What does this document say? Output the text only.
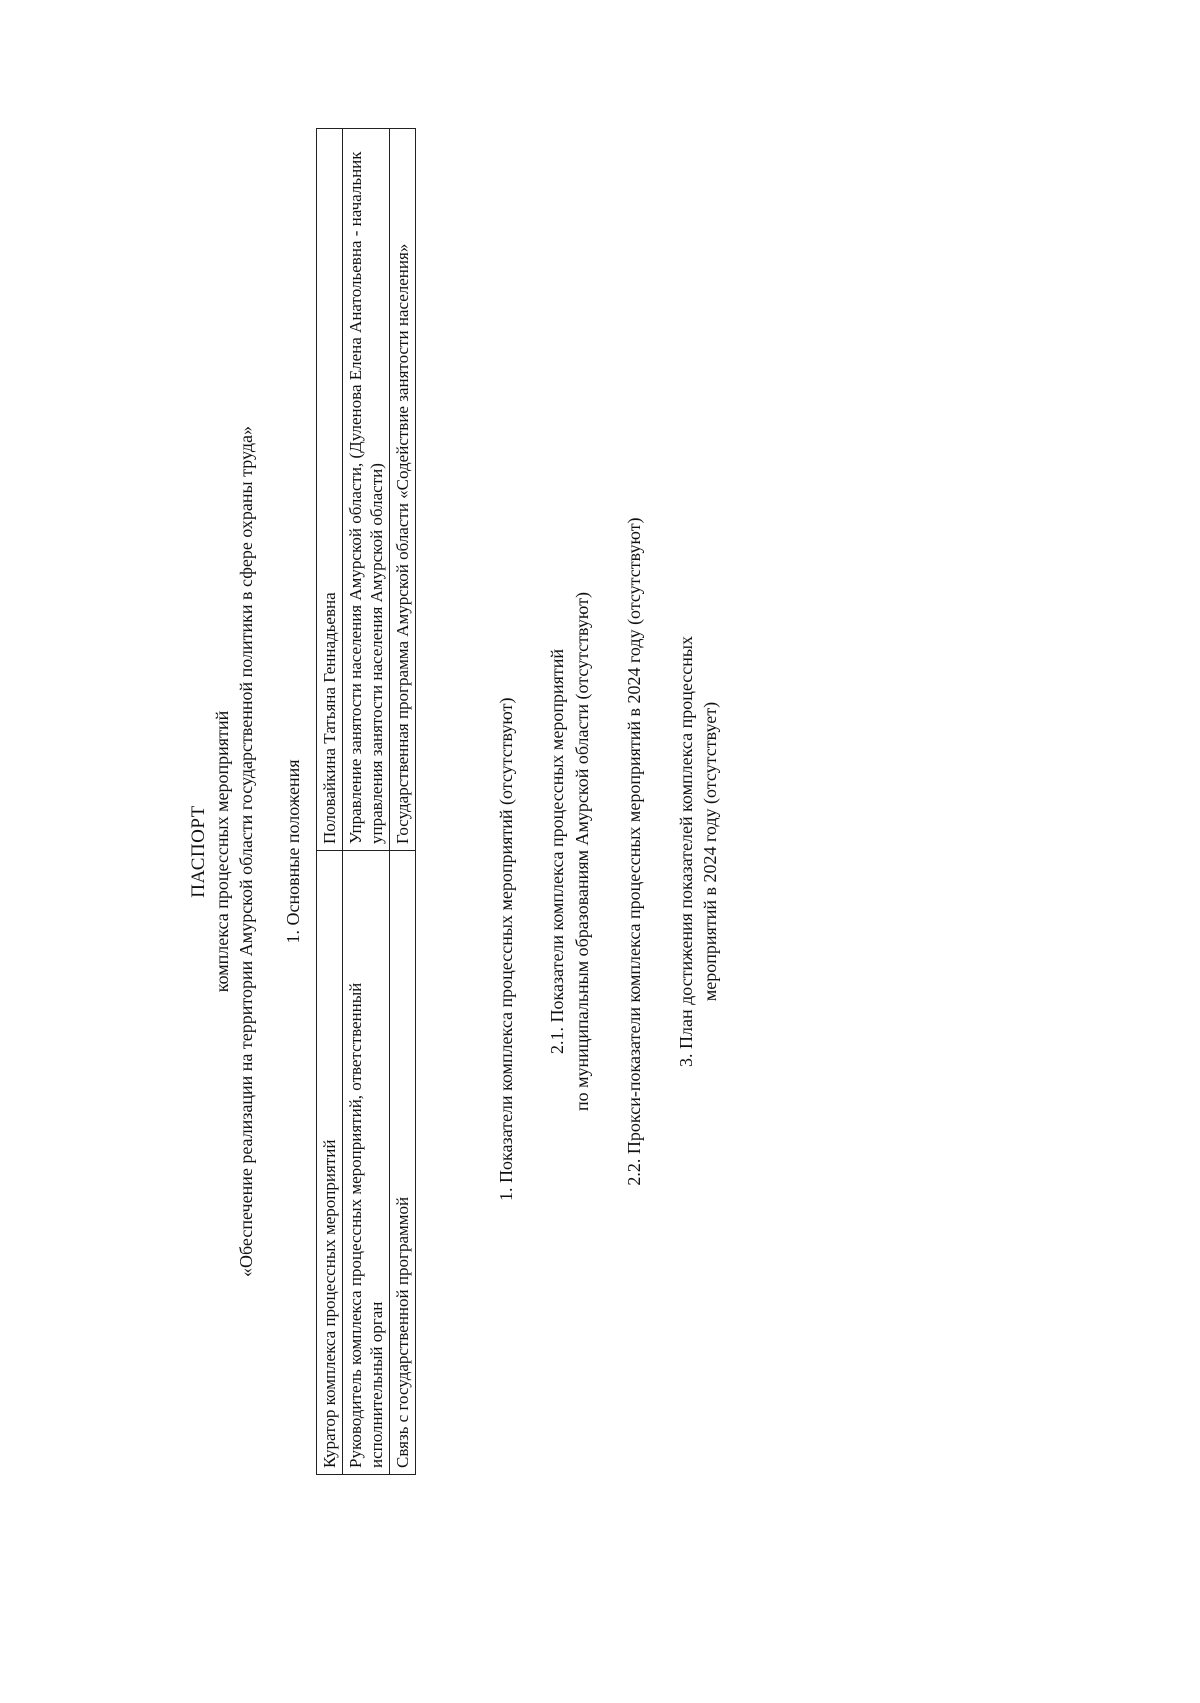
ПАСПОРТ комплекса процессных мероприятий «Обеспечение реализации на территории Амурской области государственной политики в сфере охраны труда» 1. Основные положения
Куратор комплекса процессных мероприятий	Половайкина Татьяна Геннадьевна
Руководитель комплекса процессных мероприятий, ответственный исполнительный орган	Управление занятости населения Амурской области, (Дуленова Елена Анатольевна - начальник управления занятости населения Амурской области)
Связь с государственной программой	Государственная программа Амурской области «Содействие занятости населения»
1. Показатели комплекса процессных мероприятий (отсутствуют) 2.1. Показатели комплекса процессных мероприятий по муниципальным образованиям Амурской области (отсутствуют) 2.2. Прокси-показатели комплекса процессных мероприятий в 2024 году (отсутствуют) 3. План достижения показателей комплекса процессных мероприятий в 2024 году (отсутствует)
